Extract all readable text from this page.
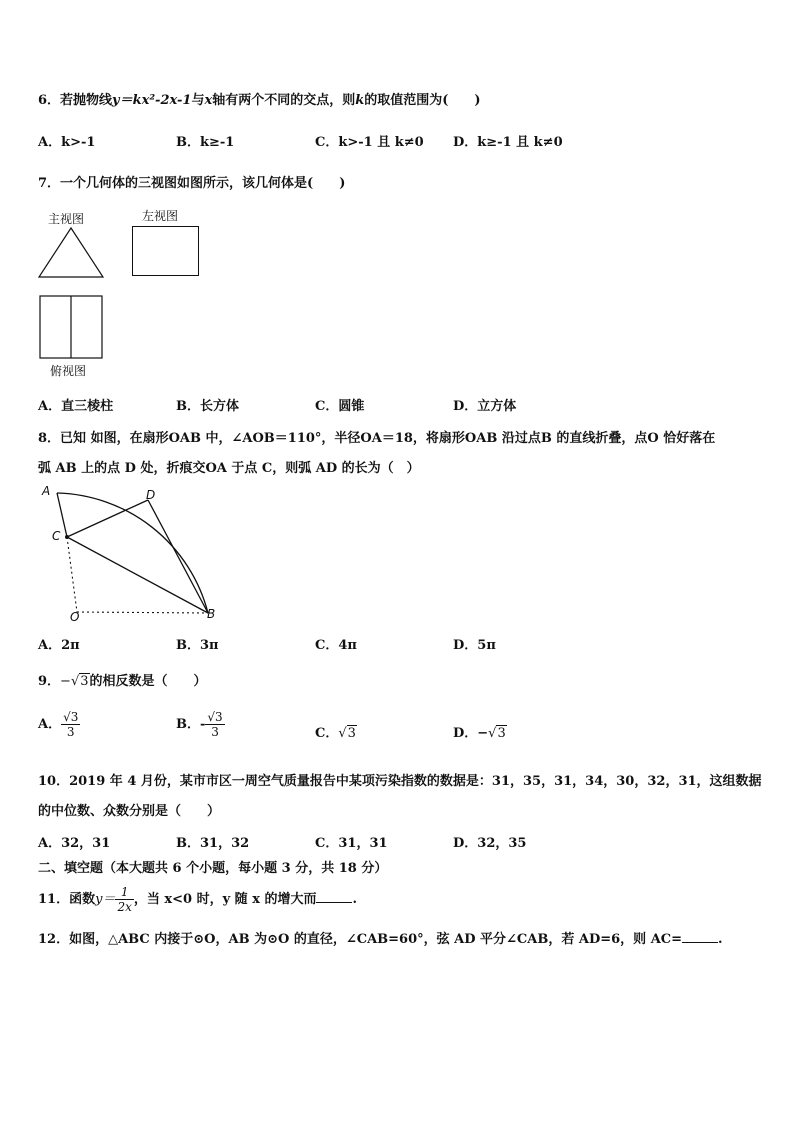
6．若抛物线y＝kx²-2x-1与x轴有两个不同的交点，则k的取值范围为(　　)
A．k>-1	B．k≥-1	C．k>-1 且 k≠0 D．k≥-1 且 k≠0
7．一个几何体的三视图如图所示，该几何体是(　　)
主视图	左视图
俯视图
A．直三棱柱	B．长方体	C．圆锥	D．立方体
8．已知 如图，在扇形OAB 中，∠AOB＝110°，半径OA＝18，将扇形OAB 沿过点B 的直线折叠，点O 恰好落在
弧 AB 上的点 D 处，折痕交OA 于点 C，则弧 AD 的长为（　）
A	D
C
O	B
A．2π	B．3π	C．4π	D．5π
9．−√3的相反数是（　　）
A． $\frac{√3}{3}$	B．- $\frac{√3}{3}$	C．√3	D．−√3
10．2019 年 4 月份，某市市区一周空气质量报告中某项污染指数的数据是：31，35，31，34，30，32，31，这组数据
的中位数、众数分别是（　　）
A．32，31	B．31，32	C．31，31	D．32，35
二、填空题（本大题共 6 个小题，每小题 3 分，共 18 分）
11．函数$y= \frac{1}{2x}$ ，当 x<0 时，y 随 x 的增大而	.
12．如图，△ABC 内接于⊙O，AB 为⊙O 的直径，∠CAB=60°，弦 AD 平分∠CAB，若 AD=6，则 AC=	.
